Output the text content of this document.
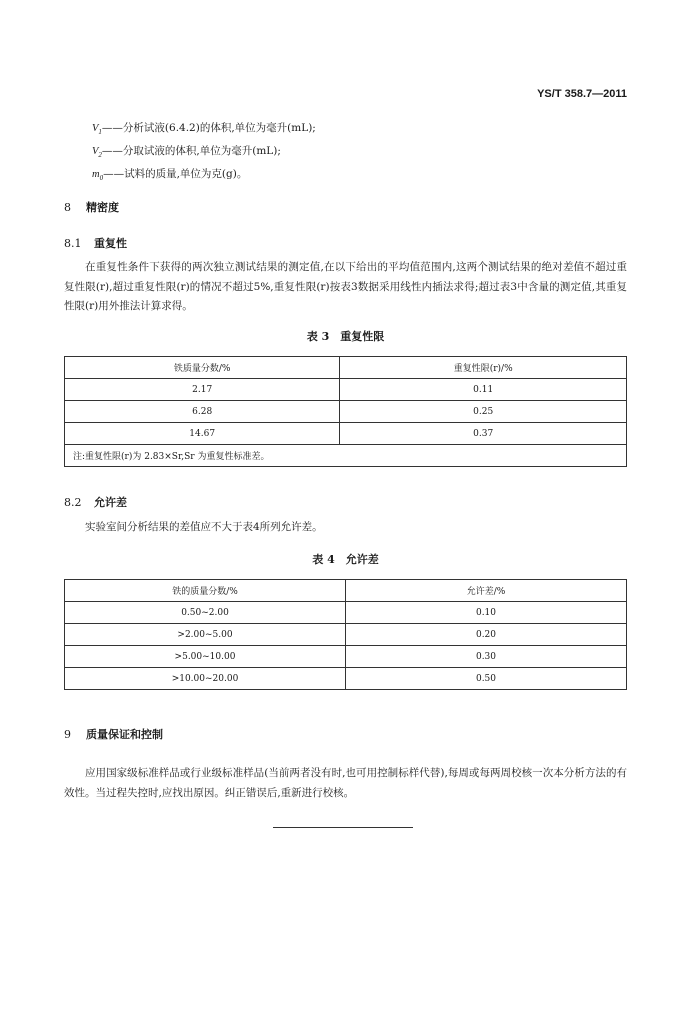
YS/T 358.7—2011
$V_1——$分析试液(6.4.2)的体积,单位为毫升(mL);
$V_2——$分取试液的体积,单位为毫升(mL);
$m_0——$试料的质量,单位为克(g)。
8 精密度
8.1 重复性
在重复性条件下获得的两次独立测试结果的测定值,在以下给出的平均值范围内,这两个测试结果的绝对差值不超过重复性限(r),超过重复性限(r)的情况不超过5%,重复性限(r)按表3数据采用线性内插法求得;超过表3中含量的测定值,其重复性限(r)用外推法计算求得。
表 3　重复性限
铁质量分数/%	重复性限(r)/%
2.17	0.11
6.28	0.25
14.67	0.37
注:重复性限(r)为 2.83×Sr,Sr 为重复性标准差。	
8.2 允许差
实验室间分析结果的差值应不大于表4所列允许差。
表 4　允许差
铁的质量分数/%	允许差/%
0.50~2.00	0.10
>2.00~5.00	0.20
>5.00~10.00	0.30
>10.00~20.00	0.50
9 质量保证和控制
应用国家级标准样品或行业级标准样品(当前两者没有时,也可用控制标样代替),每周或每两周校核一次本分析方法的有效性。当过程失控时,应找出原因。纠正错误后,重新进行校核。
